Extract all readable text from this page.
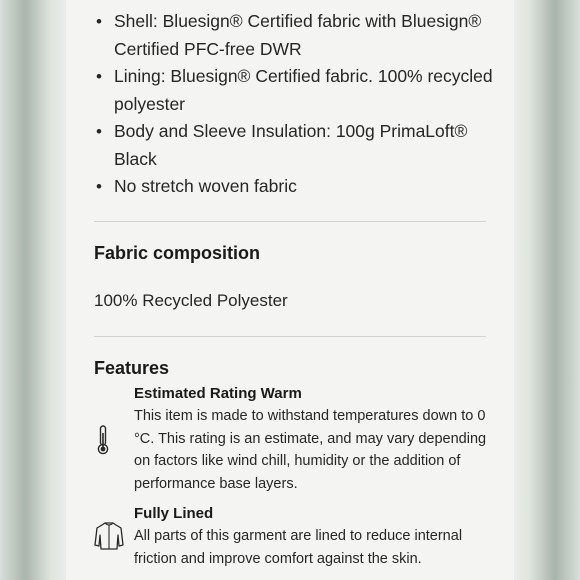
• Shell: Bluesign® Certified fabric with Bluesign® Certified PFC-free DWR
• Lining: Bluesign® Certified fabric. 100% recycled polyester
• Body and Sleeve Insulation: 100g PrimaLoft® Black
• No stretch woven fabric
Fabric composition
100% Recycled Polyester
Features
Estimated Rating Warm
This item is made to withstand temperatures down to 0 °C. This rating is an estimate, and may vary depending on factors like wind chill, humidity or the addition of performance base layers.
Fully Lined
All parts of this garment are lined to reduce internal friction and improve comfort against the skin.
